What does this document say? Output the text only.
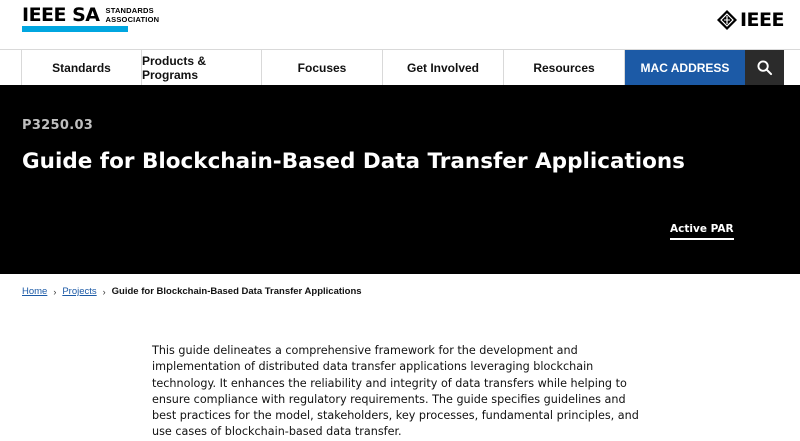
IEEE SA STANDARDS
ASSOCIATION	IEEE
Standards	Products & Programs	Focuses	Get Involved	Resources	MAC ADDRESS
P3250.03
Guide for Blockchain-Based Data Transfer Applications
Active PAR
Home › Projects › Guide for Blockchain-Based Data Transfer Applications

This guide delineates a comprehensive framework for the development and implementation of distributed data transfer applications leveraging blockchain technology. It enhances the reliability and integrity of data transfers while helping to ensure compliance with regulatory requirements. The guide specifies guidelines and best practices for the model, stakeholders, key processes, fundamental principles, and use cases of blockchain-based data transfer.
